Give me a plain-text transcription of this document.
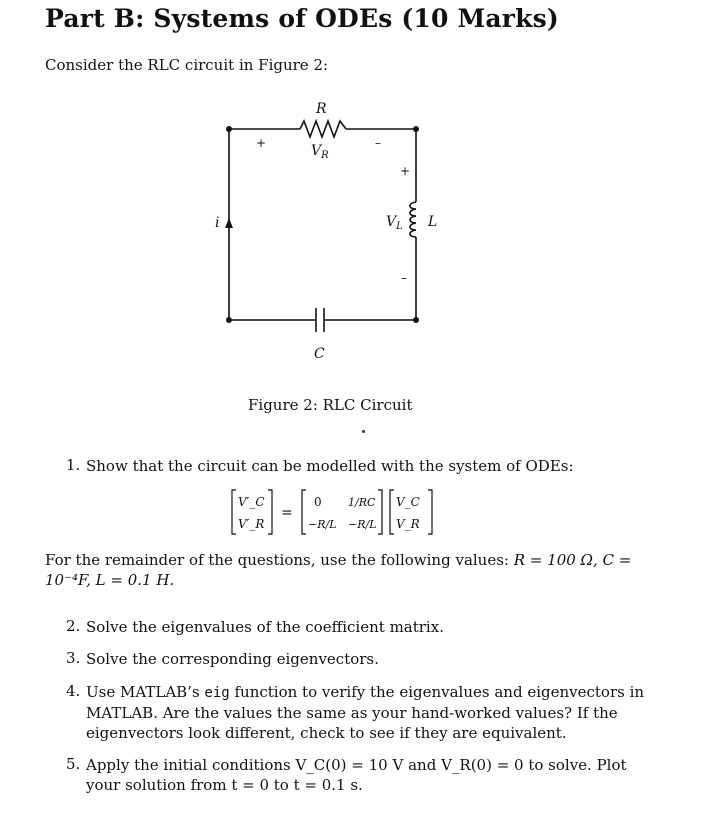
Part B: Systems of ODEs (10 Marks)
Consider the RLC circuit in Figure 2:
R
$V_R$
+	–
+
–
$V_L$ L
i
C
Figure 2: RLC Circuit
1. Show that the circuit can be modelled with the system of ODEs:
V′_C
V′_R
=
0 1/RC
−R/L −R/L
V_C
V_R
For the remainder of the questions, use the following values: R = 100 Ω, C = 10⁻⁴F, L = 0.1 H.
2. Solve the eigenvalues of the coefficient matrix.
3. Solve the corresponding eigenvectors.
4. Use MATLAB’s eig function to verify the eigenvalues and eigenvectors in MATLAB. Are the values the same as your hand-worked values? If the eigenvectors look different, check to see if they are equivalent.
5. Apply the initial conditions V_C(0) = 10 V and V_R(0) = 0 to solve. Plot your solution from t = 0 to t = 0.1 s.
